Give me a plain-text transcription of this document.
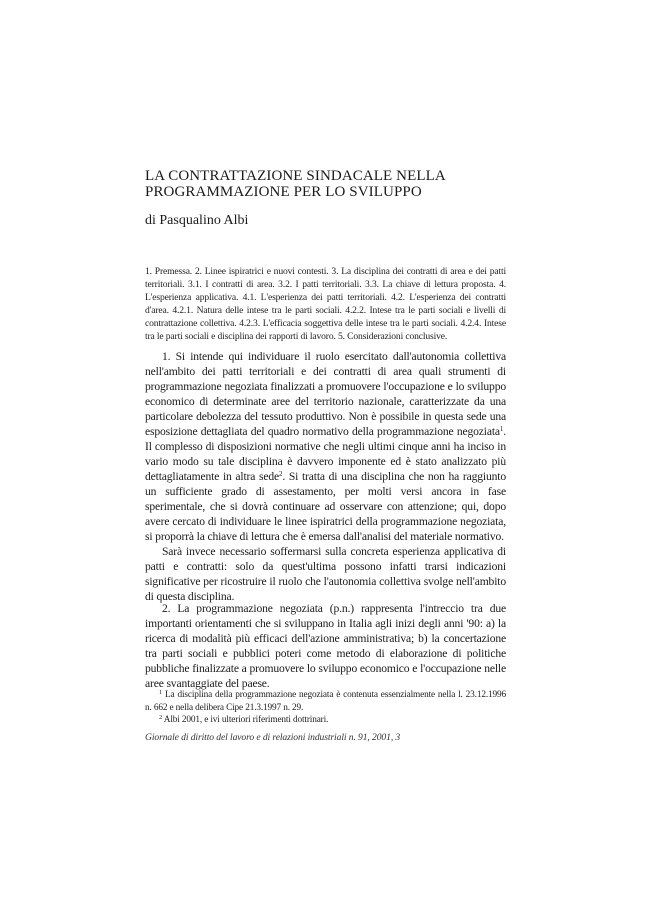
LA CONTRATTAZIONE SINDACALE NELLA
PROGRAMMAZIONE PER LO SVILUPPO

di Pasqualino Albi

1. Premessa. 2. Linee ispiratrici e nuovi contesti. 3. La disciplina dei contratti di area e dei patti territoriali. 3.1. I contratti di area. 3.2. I patti territoriali. 3.3. La chiave di lettura proposta. 4. L'esperienza applicativa. 4.1. L'esperienza dei patti territoriali. 4.2. L'esperienza dei contratti d'area. 4.2.1. Natura delle intese tra le parti sociali. 4.2.2. Intese tra le parti sociali e livelli di contrattazione collettiva. 4.2.3. L'efficacia soggettiva delle intese tra le parti sociali. 4.2.4. Intese tra le parti sociali e disciplina dei rapporti di lavoro. 5. Considerazioni conclusive.

1. Si intende qui individuare il ruolo esercitato dall'autonomia collettiva nell'ambito dei patti territoriali e dei contratti di area quali strumenti di programmazione negoziata finalizzati a promuovere l'occupazione e lo sviluppo economico di determinate aree del territorio nazionale, caratterizzate da una particolare debolezza del tessuto produttivo. Non è possibile in questa sede una esposizione dettagliata del quadro normativo della programmazione negoziata$^1$. Il complesso di disposizioni normative che negli ultimi cinque anni ha inciso in vario modo su tale disciplina è davvero imponente ed è stato analizzato più dettagliatamente in altra sede$^2$. Si tratta di una disciplina che non ha raggiunto un sufficiente grado di assestamento, per molti versi ancora in fase sperimentale, che si dovrà continuare ad osservare con attenzione; qui, dopo avere cercato di individuare le linee ispiratrici della programmazione negoziata, si proporrà la chiave di lettura che è emersa dall'analisi del materiale normativo.

Sarà invece necessario soffermarsi sulla concreta esperienza applicativa di patti e contratti: solo da quest'ultima possono infatti trarsi indicazioni significative per ricostruire il ruolo che l'autonomia collettiva svolge nell'ambito di questa disciplina.

2. La programmazione negoziata (p.n.) rappresenta l'intreccio tra due importanti orientamenti che si sviluppano in Italia agli inizi degli anni '90: a) la ricerca di modalità più efficaci dell'azione amministrativa; b) la concertazione tra parti sociali e pubblici poteri come metodo di elaborazione di politiche pubbliche finalizzate a promuovere lo sviluppo economico e l'occupazione nelle aree svantaggiate del paese.

$^1$ La disciplina della programmazione negoziata è contenuta essenzialmente nella l. 23.12.1996 n. 662 e nella delibera Cipe 21.3.1997 n. 29.

$^2$ Albi 2001, e ivi ulteriori riferimenti dottrinari.

Giornale di diritto del lavoro e di relazioni industriali n. 91, 2001, 3
